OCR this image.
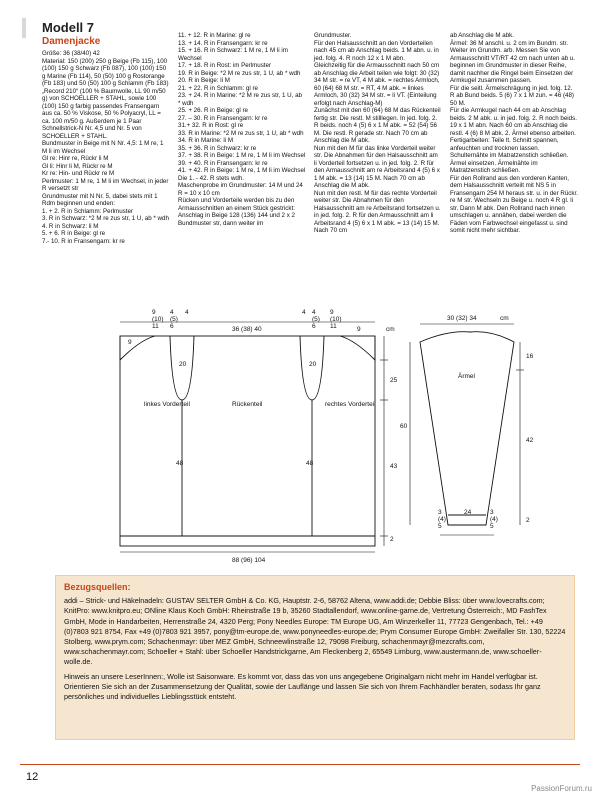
Modell 7
Damenjacke

Größe: 36 (38/40) 42

Material: 150 (200) 250 g Beige (Fb 115), 100 (100) 150 g Schwarz (Fb 087), 100 (100) 150 g Marine (Fb 114), 50 (50) 100 g Rostorange (Fb 183) und 50 (50) 100 g Schlamm (Fb 183) „Record 210“ (100 % Baumwolle, LL 90 m/50 g) von SCHOELLER + STAHL, sowie 100 (100) 150 g farbig passendes Fransengarn aus ca. 50 % Viskose, 50 % Polyacryl, LL = ca. 100 m/50 g. Außerdem je 1 Paar Schnellstrick-N Nr. 4,5 und Nr. 5 von SCHOELLER + STAHL.

Bundmuster in Beige mit N Nr. 4,5: 1 M re, 1 M li im Wechsel

Gl re: Hinr re, Rückr li M

Gl li: Hinr li M, Rückr re M

Kr re: Hin- und Rückr re M

Perlmuster: 1 M re, 1 M li im Wechsel, in jeder R versetzt str

Grundmuster mit N Nr. 5, dabei stets mit 1 Rdm beginnen und enden:

1. + 2. R in Schlamm: Perlmuster

3. R in Schwarz: *2 M re zus str, 1 U, ab * wdh

4. R in Schwarz: li M

5. + 6. R in Beige: gl re

7.- 10. R in Fransengarn: kr re

11. + 12. R in Marine: gl re

13. + 14. R in Fransengarn: kr re

15. + 16. R in Schwarz: 1 M re, 1 M li im Wechsel

17. + 18. R in Rost: im Perlmuster

19. R in Beige: *2 M re zus str, 1 U, ab * wdh

20. R in Beige: li M

21. + 22. R in Schlamm: gl re

23. + 24. R in Marine: *2 M re zus str, 1 U, ab * wdh

25. + 26. R in Beige: gl re

27. – 30. R in Fransengarn: kr re

31.+ 32. R in Rost: gl re

33. R in Marine: *2 M re zus str, 1 U, ab * wdh

34. R in Marine: li M

35. + 36. R in Schwarz: kr re

37. + 38. R in Beige: 1 M re, 1 M li im Wechsel

39. + 40. R in Fransengarn: kr re

41. + 42. R in Beige: 1 M re, 1 M li im Wechsel

Die 1. - 42. R stets wdh.

Maschenprobe im Grundmuster: 14 M und 24 R = 10 x 10 cm

Rücken und Vorderteile werden bis zu den Armausschnitten an einem Stück gestrickt:

Anschlag in Beige 128 (136) 144 und 2 x 2 Bundmuster str, dann weiter im

Grundmuster.

Für den Halsausschnitt an den Vorderteilen nach 45 cm ab Anschlag beids. 1 M abn. u. in jed. folg. 4. R noch 12 x 1 M abn.

Gleichzeitig für die Armausschnitt nach 50 cm ab Anschlag die Arbeit teilen wie folgt: 30 (32) 34 M str. = re VT, 4 M abk. = rechtes Armloch, 60 (64) 68 M str. = RT, 4 M abk. = linkes Armloch, 30 (32) 34 M str. = li VT. (Einteilung erfolgt nach Anschlag-M)

Zunächst mit den 60 (64) 68 M das Rückenteil fertig str. Die restl. M stilllegen. In jed. folg. 2. R beids. noch 4 (5) 6 x 1 M abk. = 52 (54) 56 M. Die restl. R gerade str. Nach 70 cm ab Anschlag die M abk.

Nun mit den M für das linke Vorderteil weiter str. Die Abnahmen für den Halsausschnitt am li Vorderteil fortsetzen u. in jed. folg. 2. R für den Armausschnitt am re Arbeitsrand 4 (5) 6 x 1 M abk. = 13 (14) 15 M. Nach 70 cm ab Anschlag die M abk.

Nun mit den restl. M für das rechte Vorderteil weiter str. Die Abnahmen für den Halsausschnitt am re Arbeitsrand fortsetzen u. in jed. folg. 2. R für den Armausschnitt am li Arbeitsrand 4 (5) 6 x 1 M abk. = 13 (14) 15 M. Nach 70 cm

ab Anschlag die M abk.

Ärmel: 36 M anschl. u. 2 cm im Bundm. str. Weiter im Grundm. arb. Messen Sie von Armausschnitt VT/RT 42 cm nach unten ab u. beginnen im Grundmuster in dieser Reihe, damit nachher die Ringel beim Einsetzen der Armkugel zusammen passen.

Für die seitl. Ärmelschrägung in jed. folg. 12. R ab Bund beids. 5 (6) 7 x 1 M zun. = 46 (48) 50 M.

Für die Armkugel nach 44 cm ab Anschlag beids. 2 M abk. u. in jed. folg. 2. R noch beids. 19 x 1 M abn. Nach 60 cm ab Anschlag die restl. 4 (6) 8 M abk. 2. Ärmel ebenso arbeiten.

Fertigarbeiten: Teile lt. Schnitt spannen, anfeuchten und trocknen lassen. Schulternähte im Matratzenstich schließen. Ärmel einsetzen. Ärmelnähte im Matratzenstich schließen.

Für den Rollrand aus den vorderen Kanten, dem Halsausschnitt verteilt mit NS 5 in Fransengarn 254 M heraus str. u. in der Rückr. re M str. Wechseln zu Beige u. noch 4 R gl. li str. Dann M abk. Den Rollrand nach innen umschlagen u. annähen, dabei werden die Fäden vom Farbwechsel eingefasst u. sind somit nicht mehr sichtbar.

9
9 (10) 11
4 (5) 6
4
36 (38) 40
4 4 (5) 6
9 (10) 11	9	cm
20	20
linkes Vorderteil	Rückenteil	rechtes Vorderteil
48	48
25
43
2
88 (96) 104
30 (32) 34	cm
16
Ärmel
60
42
3 (4) 5
24	3 (4) 5
2
Bezugsquellen:

addi – Strick- und Häkelnadeln: GUSTAV SELTER GmbH & Co. KG, Hauptstr. 2-6, 58762 Altena, www.addi.de; Debbie Bliss: über www.lovecrafts.com; KnitPro: www.knitpro.eu; ONline Klaus Koch GmbH: Rheinstraße 19 b, 35260 Stadtallendorf, www.online-garne.de, Vertretung Österreich:, MD FashTex GmbH, Mode in Handarbeiten, Herrenstraße 24, 4320 Perg; Pony Needles Europe: TM Europe UG, Am Winzerkeller 11, 77723 Gengenbach, Tel.: +49 (0)7803 921 8754, Fax +49 (0)7803 921 3957, pony@tm-europe.de, www.ponyneedles-europe.de; Prym Consumer Europe GmbH: Zweifaller Str. 130, 52224 Stolberg, www.prym.com; Schachenmayr: über MEZ GmbH, Schneewlinstraße 12, 79098 Freiburg, schachenmayr@mezcrafts.com, www.schachenmayr.com; Schoeller + Stahl: über Schoeller Handstrickgarne, Am Fleckenberg 2, 65549 Limburg, www.austermann.de, www.schoeller-wolle.de.

Hinweis an unsere LeserInnen:, Wolle ist Saisonware. Es kommt vor, dass das von uns angegebene Originalgarn nicht mehr im Handel verfügbar ist. Orientieren Sie sich an der Zusammensetzung der Qualität, sowie der Lauflänge und lassen Sie sich von Ihrem Fachhändler beraten, sodass Ihr ganz persönliches und individuelles Lieblingsstück entsteht.

12
PassionForum.ru
